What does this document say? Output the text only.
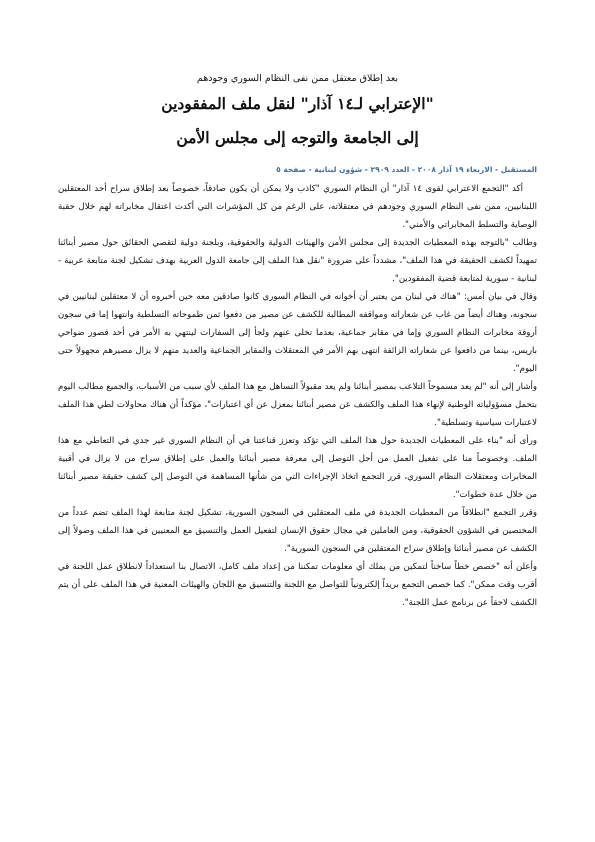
بعد إطلاق معتقل ممن نفى النظام السوري وجودهم

"الإعترابي لـ١٤ آذار" لنقل ملف المفقودين
إلى الجامعة والتوجه إلى مجلس الأمن
المستقبل - الاربعاء ١٩ آذار ٢٠٠٨ - العدد ٢٩٠٩ - شؤون لبنانية - صفحة ٥

أكد "التجمع الاعترابي لقوى ١٤ آذار" أن النظام السوري "كاذب ولا يمكن أن يكون صادقاً، خصوصاً بعد إطلاق سراح أحد المعتقلين اللبنانيين، ممن نفى النظام السوري وجودهم في معتقلاته، على الرغم من كل المؤشرات التي أكدت اعتقال مخابراته لهم خلال حقبة الوصاية والتسلط المخابراتي والأمني".

وطالب "بالتوجه بهذه المعطيات الجديدة إلى مجلس الأمن والهيئات الدولية والحقوقية، وبلجنة دولية لتقصي الحقائق حول مصير أبنائنا تمهيداً لكشف الحقيقة في هذا الملف"، مشدداً على ضرورة "نقل هذا الملف إلى جامعة الدول العربية بهدف تشكيل لجنة متابعة عربية - لبنانية - سورية لمتابعة قضية المفقودين".

وقال في بيان أمس: "هناك في لبنان من يعتبر أن أخوانه في النظام السوري كانوا صادقين معه حين أخبروه أن لا معتقلين لبنانيين في سجونه، وهناك أيضاً من غاب عن شعاراته ومواقفه المطالبة للكشف عن مصير من دفعوا ثمن طموحاته التسلطية وانتهوا إما في سجون أروقة مخابرات النظام السوري وإما في مقابر جماعية، بعدما تخلى عنهم ولجأ إلى السفارات لينتهي به الأمر في أحد قصور ضواحي باريس، بينما من دافعوا عن شعاراته الزائفة انتهى بهم الأمر في المعتقلات والمقابر الجماعية والعديد منهم لا يزال مصيرهم مجهولاً حتى اليوم".

وأشار إلى أنه "لم يعد مسموحاً التلاعب بمصير أبنائنا ولم يعد مقبولاً التساهل مع هذا الملف لأي سبب من الأسباب، والجميع مطالب اليوم بتحمل مسؤولياته الوطنية لإنهاء هذا الملف والكشف عن مصير أبنائنا بمعزل عن أي اعتبارات"، مؤكداً أن هناك محاولات لطي هذا الملف لاعتبارات سياسية وتسلطية".

ورأى أنه "بناء على المعطيات الجديدة حول هذا الملف التي تؤكد وتعزز قناعتنا في أن النظام السوري غير جدي في التعاطي مع هذا الملف. وخصوصاً منا على تفعيل العمل من أجل التوصل إلى معرفة مصير أبنائنا والعمل على إطلاق سراح من لا يزال في أقبية المخابرات ومعتقلات النظام السوري، قرر التجمع اتخاذ الإجراءات التي من شأنها المساهمة في التوصل إلى كشف حقيقة مصير أبنائنا من خلال عدة خطوات".

وقرر التجمع "انطلاقاً من المعطيات الجديدة في ملف المعتقلين في السجون السورية، تشكيل لجنة متابعة لهذا الملف تضم عدداً من المختصين في الشؤون الحقوقية، ومن العاملين في مجال حقوق الإنسان لتفعيل العمل والتنسيق مع المعنيين في هذا الملف وصولاً إلى الكشف عن مصير أبنائنا وإطلاق سراح المعتقلين في السجون السورية".

وأعلن أنه "خصص خطاً ساخناً لتمكين من يملك أي معلومات تمكننا من إعداد ملف كامل، الاتصال بنا استعداداً لانطلاق عمل اللجنة في أقرب وقت ممكن". كما خصص التجمع بريداً إلكترونياً للتواصل مع اللجنة والتنسيق مع اللجان والهيئات المعنية في هذا الملف على أن يتم الكشف لاحقاً عن برنامج عمل اللجنة".
